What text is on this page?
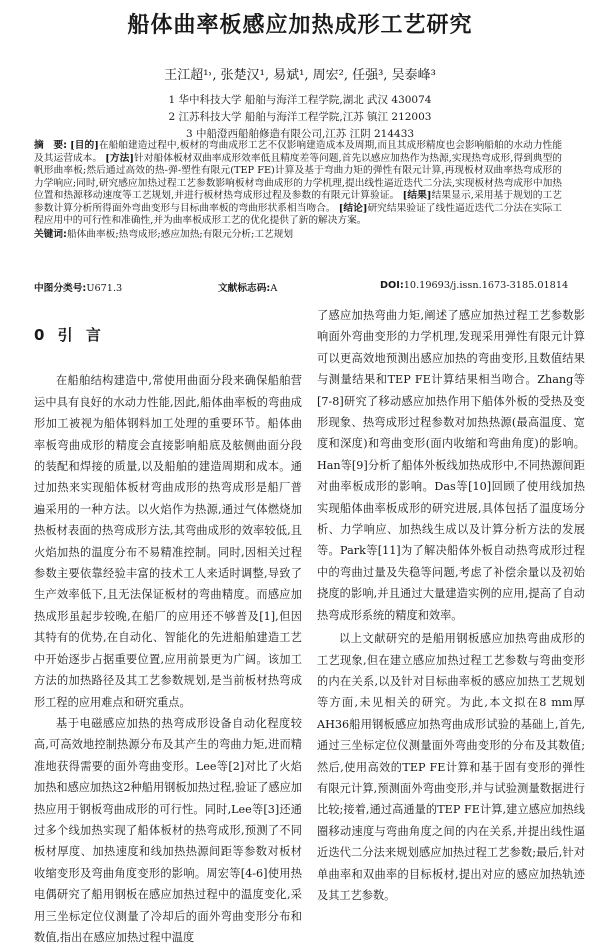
船体曲率板感应加热成形工艺研究
王江超¹˒, 张楚汉¹, 易斌¹, 周宏², 任强³, 吴泰峰³
1 华中科技大学 船舶与海洋工程学院,湖北 武汉 430074
2 江苏科技大学 船舶与海洋工程学院,江苏 镇江 212003
3 中船澄西船舶修造有限公司,江苏 江阴 214433
摘　要: [目的]在船舶建造过程中,板材的弯曲成形工艺不仅影响建造成本及周期,而且其成形精度也会影响船舶的水动力性能及其运营成本。 [方法]针对船体板材双曲率成形效率低且精度差等问题,首先以感应加热作为热源,实现热弯成形,得到典型的帆形曲率板;然后通过高效的热-弹-塑性有限元(TEP FE)计算及基于弯曲力矩的弹性有限元计算,再现板材双曲率热弯成形的力学响应;同时,研究感应加热过程工艺参数影响板材弯曲成形的力学机理,提出线性逼近迭代二分法,实现板材热弯成形中加热位置和热源移动速度等工艺规划,并进行板材热弯成形过程及参数的有限元计算验证。 [结果]结果显示,采用基于规划的工艺参数计算分析所得面外弯曲变形与目标曲率板的弯曲形状系相当吻合。 [结论]研究结果验证了线性逼近迭代二分法在实际工程应用中的可行性和准确性,并为曲率板成形工艺的优化提供了新的解决方案。
关键词:船体曲率板;热弯成形;感应加热;有限元分析;工艺规划
中图分类号:U671.3	文献标志码:A	DOI:10.19693/j.issn.1673-3185.01814
0 引 言

在船舶结构建造中,常使用曲面分段来确保船舶营运中具有良好的水动力性能,因此,船体曲率板的弯曲成形加工被视为船体钢料加工处理的重要环节。船体曲率板弯曲成形的精度会直接影响船底及舷侧曲面分段的装配和焊接的质量,以及船舶的建造周期和成本。通过加热来实现船体板材弯曲成形的热弯成形是船厂普遍采用的一种方法。以火焰作为热源,通过气体燃烧加热板材表面的热弯成形方法,其弯曲成形的效率较低,且火焰加热的温度分布不易精准控制。同时,因相关过程参数主要依靠经验丰富的技术工人来适时调整,导致了生产效率低下,且无法保证板材的弯曲精度。而感应加热成形虽起步较晚,在船厂的应用还不够普及[1],但因其特有的优势,在自动化、智能化的先进船舶建造工艺中开始逐步占据重要位置,应用前景更为广阔。该加工方法的加热路径及其工艺参数规划,是当前板材热弯成形工程的应用难点和研究重点。

基于电磁感应加热的热弯成形设备自动化程度较高,可高效地控制热源分布及其产生的弯曲力矩,进而精准地获得需要的面外弯曲变形。Lee等[2]对比了火焰加热和感应加热这2种船用钢板加热过程,验证了感应加热应用于钢板弯曲成形的可行性。同时,Lee等[3]还通过多个线加热实现了船体板材的热弯成形,预测了不同板材厚度、加热速度和线加热热源间距等参数对板材收缩变形及弯曲角度变形的影响。周宏等[4-6]使用热电偶研究了船用钢板在感应加热过程中的温度变化,采用三坐标定位仪测量了冷却后的面外弯曲变形分布和数值,指出在感应加热过程中温度

了感应加热弯曲力矩,阐述了感应加热过程工艺参数影响面外弯曲变形的力学机理,发现采用弹性有限元计算可以更高效地预测出感应加热的弯曲变形,且数值结果与测量结果和TEP FE计算结果相当吻合。Zhang等[7-8]研究了移动感应加热作用下船体外板的受热及变形现象、热弯成形过程参数对加热热源(最高温度、宽度和深度)和弯曲变形(面内收缩和弯曲角度)的影响。Han等[9]分析了船体外板线加热成形中,不同热源间距对曲率板成形的影响。Das等[10]回顾了使用线加热实现船体曲率板成形的研究进展,具体包括了温度场分析、力学响应、加热线生成以及计算分析方法的发展等。Park等[11]为了解决船体外板自动热弯成形过程中的弯曲过量及失稳等问题,考虑了补偿余量以及初始挠度的影响,并且通过大量建造实例的应用,提高了自动热弯成形系统的精度和效率。

以上文献研究的是船用钢板感应加热弯曲成形的工艺现象,但在建立感应加热过程工艺参数与弯曲变形的内在关系,以及针对目标曲率板的感应加热工艺规划等方面,未见相关的研究。为此,本文拟在8 mm厚AH36船用钢板感应加热弯曲成形试验的基础上,首先,通过三坐标定位仪测量面外弯曲变形的分布及其数值;然后,使用高效的TEP FE计算和基于固有变形的弹性有限元计算,预测面外弯曲变形,并与试验测量数据进行比较;接着,通过高通量的TEP FE计算,建立感应加热线圈移动速度与弯曲角度之间的内在关系,并提出线性逼近迭代二分法来规划感应加热过程工艺参数;最后,针对单曲率和双曲率的目标板材,提出对应的感应加热轨迹及其工艺参数。
